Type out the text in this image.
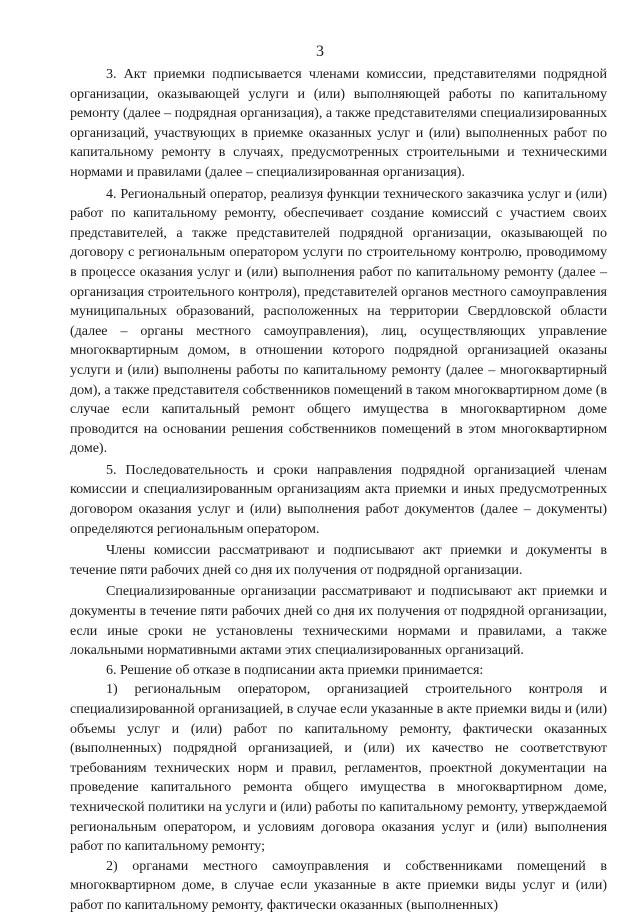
3

3. Акт приемки подписывается членами комиссии, представителями подрядной организации, оказывающей услуги и (или) выполняющей работы по капитальному ремонту (далее – подрядная организация), а также представителями специализированных организаций, участвующих в приемке оказанных услуг и (или) выполненных работ по капитальному ремонту в случаях, предусмотренных строительными и техническими нормами и правилами (далее – специализированная организация).

4. Региональный оператор, реализуя функции технического заказчика услуг и (или) работ по капитальному ремонту, обеспечивает создание комиссий с участием своих представителей, а также представителей подрядной организации, оказывающей по договору с региональным оператором услуги по строительному контролю, проводимому в процессе оказания услуг и (или) выполнения работ по капитальному ремонту (далее – организация строительного контроля), представителей органов местного самоуправления муниципальных образований, расположенных на территории Свердловской области (далее – органы местного самоуправления), лиц, осуществляющих управление многоквартирным домом, в отношении которого подрядной организацией оказаны услуги и (или) выполнены работы по капитальному ремонту (далее – многоквартирный дом), а также представителя собственников помещений в таком многоквартирном доме (в случае если капитальный ремонт общего имущества в многоквартирном доме проводится на основании решения собственников помещений в этом многоквартирном доме).

5. Последовательность и сроки направления подрядной организацией членам комиссии и специализированным организациям акта приемки и иных предусмотренных договором оказания услуг и (или) выполнения работ документов (далее – документы) определяются региональным оператором.

Члены комиссии рассматривают и подписывают акт приемки и документы в течение пяти рабочих дней со дня их получения от подрядной организации.

Специализированные организации рассматривают и подписывают акт приемки и документы в течение пяти рабочих дней со дня их получения от подрядной организации, если иные сроки не установлены техническими нормами и правилами, а также локальными нормативными актами этих специализированных организаций.

6. Решение об отказе в подписании акта приемки принимается:

1) региональным оператором, организацией строительного контроля и специализированной организацией, в случае если указанные в акте приемки виды и (или) объемы услуг и (или) работ по капитальному ремонту, фактически оказанных (выполненных) подрядной организацией, и (или) их качество не соответствуют требованиям технических норм и правил, регламентов, проектной документации на проведение капитального ремонта общего имущества в многоквартирном доме, технической политики на услуги и (или) работы по капитальному ремонту, утверждаемой региональным оператором, и условиям договора оказания услуг и (или) выполнения работ по капитальному ремонту;

2) органами местного самоуправления и собственниками помещений в многоквартирном доме, в случае если указанные в акте приемки виды услуг и (или) работ по капитальному ремонту, фактически оказанных (выполненных)
